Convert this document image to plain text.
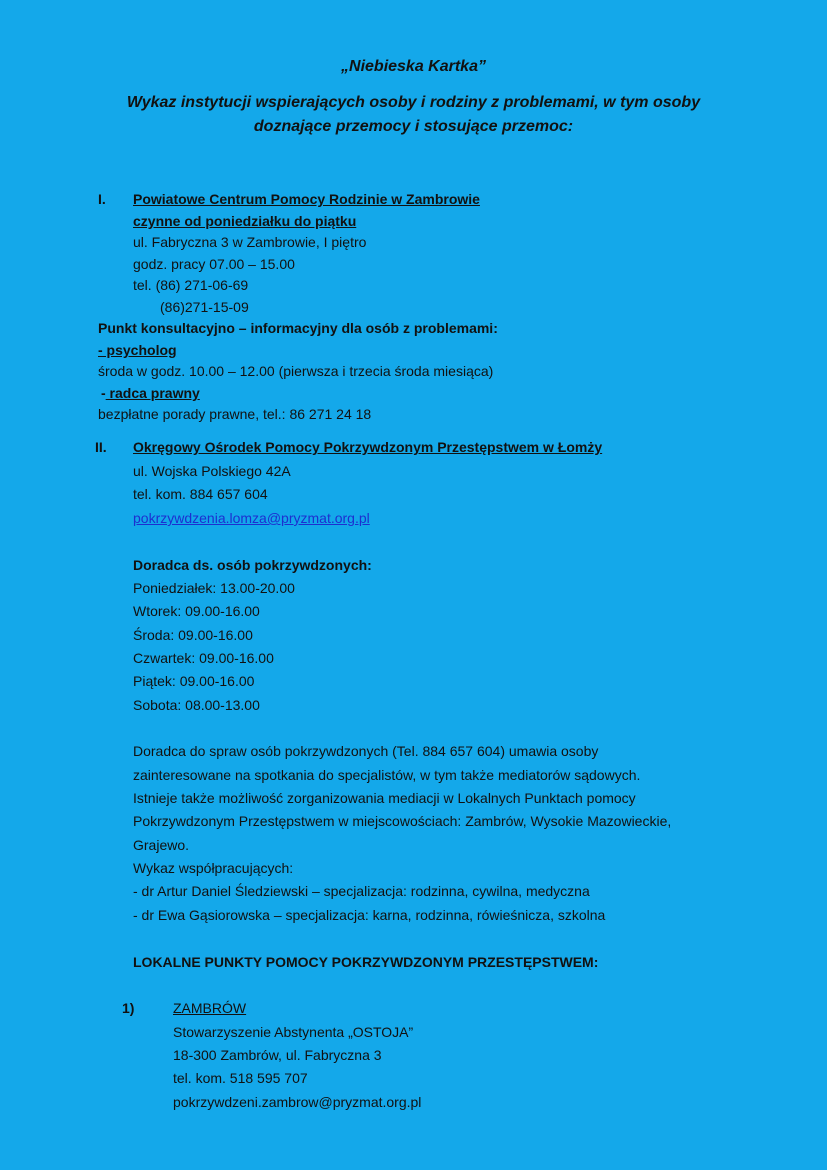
„Niebieska Kartka”
Wykaz instytucji wspierających osoby i rodziny z problemami, w tym osoby
doznające przemocy i stosujące przemoc:
I. Powiatowe Centrum Pomocy Rodzinie w Zambrowie
czynne od poniedziałku do piątku
ul. Fabryczna 3 w Zambrowie, I piętro
godz. pracy 07.00 – 15.00
tel. (86) 271-06-69
(86)271-15-09
Punkt konsultacyjno – informacyjny dla osób z problemami:
- psycholog
środa w godz. 10.00 – 12.00 (pierwsza i trzecia środa miesiąca)
- radca prawny
bezpłatne porady prawne, tel.: 86 271 24 18
II. Okręgowy Ośrodek Pomocy Pokrzywdzonym Przestępstwem w Łomży
ul. Wojska Polskiego 42A
tel. kom. 884 657 604
pokrzywdzenia.lomza@pryzmat.org.pl
Doradca ds. osób pokrzywdzonych:
Poniedziałek: 13.00-20.00
Wtorek: 09.00-16.00
Środa: 09.00-16.00
Czwartek: 09.00-16.00
Piątek: 09.00-16.00
Sobota: 08.00-13.00
Doradca do spraw osób pokrzywdzonych (Tel. 884 657 604) umawia osoby
zainteresowane na spotkania do specjalistów, w tym także mediatorów sądowych.
Istnieje także możliwość zorganizowania mediacji w Lokalnych Punktach pomocy
Pokrzywdzonym Przestępstwem w miejscowościach: Zambrów, Wysokie Mazowieckie,
Grajewo.
Wykaz współpracujących:
- dr Artur Daniel Śledziewski – specjalizacja: rodzinna, cywilna, medyczna
- dr Ewa Gąsiorowska – specjalizacja: karna, rodzinna, rówieśnicza, szkolna
LOKALNE PUNKTY POMOCY POKRZYWDZONYM PRZESTĘPSTWEM:
1)	ZAMBRÓW
Stowarzyszenie Abstynenta „OSTOJA”
18-300 Zambrów, ul. Fabryczna 3
tel. kom. 518 595 707
pokrzywdzeni.zambrow@pryzmat.org.pl
